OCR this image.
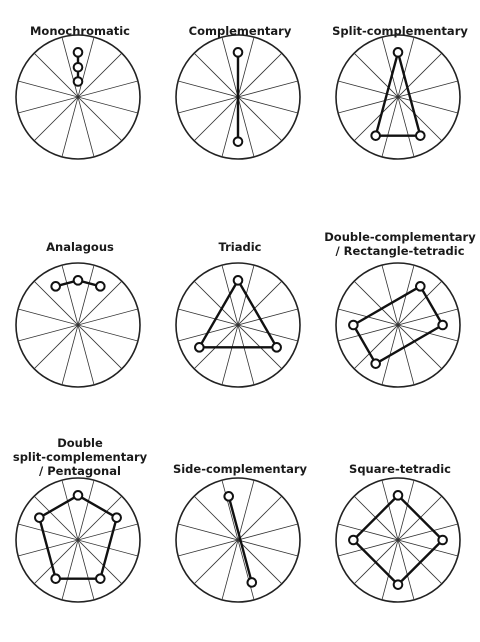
Monochromatic	Complementary	Split-complementary
Analagous	Triadic
Double-complementary
/ Rectangle-tetradic
Double
split-complementary
/ Pentagonal	Side-complementary	Square-tetradic
